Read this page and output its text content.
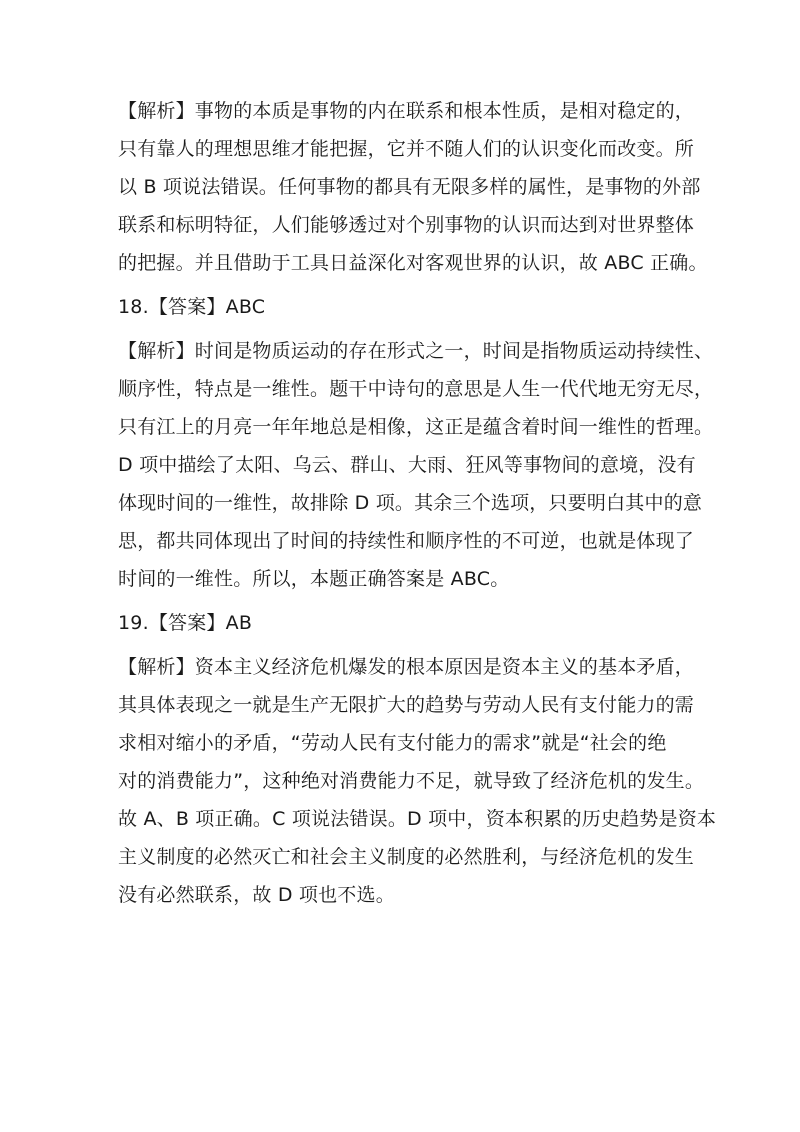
【解析】事物的本质是事物的内在联系和根本性质，是相对稳定的，
只有靠人的理想思维才能把握，它并不随人们的认识变化而改变。所
以 B 项说法错误。任何事物的都具有无限多样的属性，是事物的外部
联系和标明特征，人们能够透过对个别事物的认识而达到对世界整体
的把握。并且借助于工具日益深化对客观世界的认识，故 ABC 正确。
18.【答案】ABC
【解析】时间是物质运动的存在形式之一，时间是指物质运动持续性、
顺序性，特点是一维性。题干中诗句的意思是人生一代代地无穷无尽，
只有江上的月亮一年年地总是相像，这正是蕴含着时间一维性的哲理。
D 项中描绘了太阳、乌云、群山、大雨、狂风等事物间的意境，没有
体现时间的一维性，故排除 D 项。其余三个选项，只要明白其中的意
思，都共同体现出了时间的持续性和顺序性的不可逆，也就是体现了
时间的一维性。所以，本题正确答案是 ABC。
19.【答案】AB
【解析】资本主义经济危机爆发的根本原因是资本主义的基本矛盾，
其具体表现之一就是生产无限扩大的趋势与劳动人民有支付能力的需
求相对缩小的矛盾，“劳动人民有支付能力的需求”就是“社会的绝
对的消费能力”，这种绝对消费能力不足，就导致了经济危机的发生。
故 A、B 项正确。C 项说法错误。D 项中，资本积累的历史趋势是资本
主义制度的必然灭亡和社会主义制度的必然胜利，与经济危机的发生
没有必然联系，故 D 项也不选。
